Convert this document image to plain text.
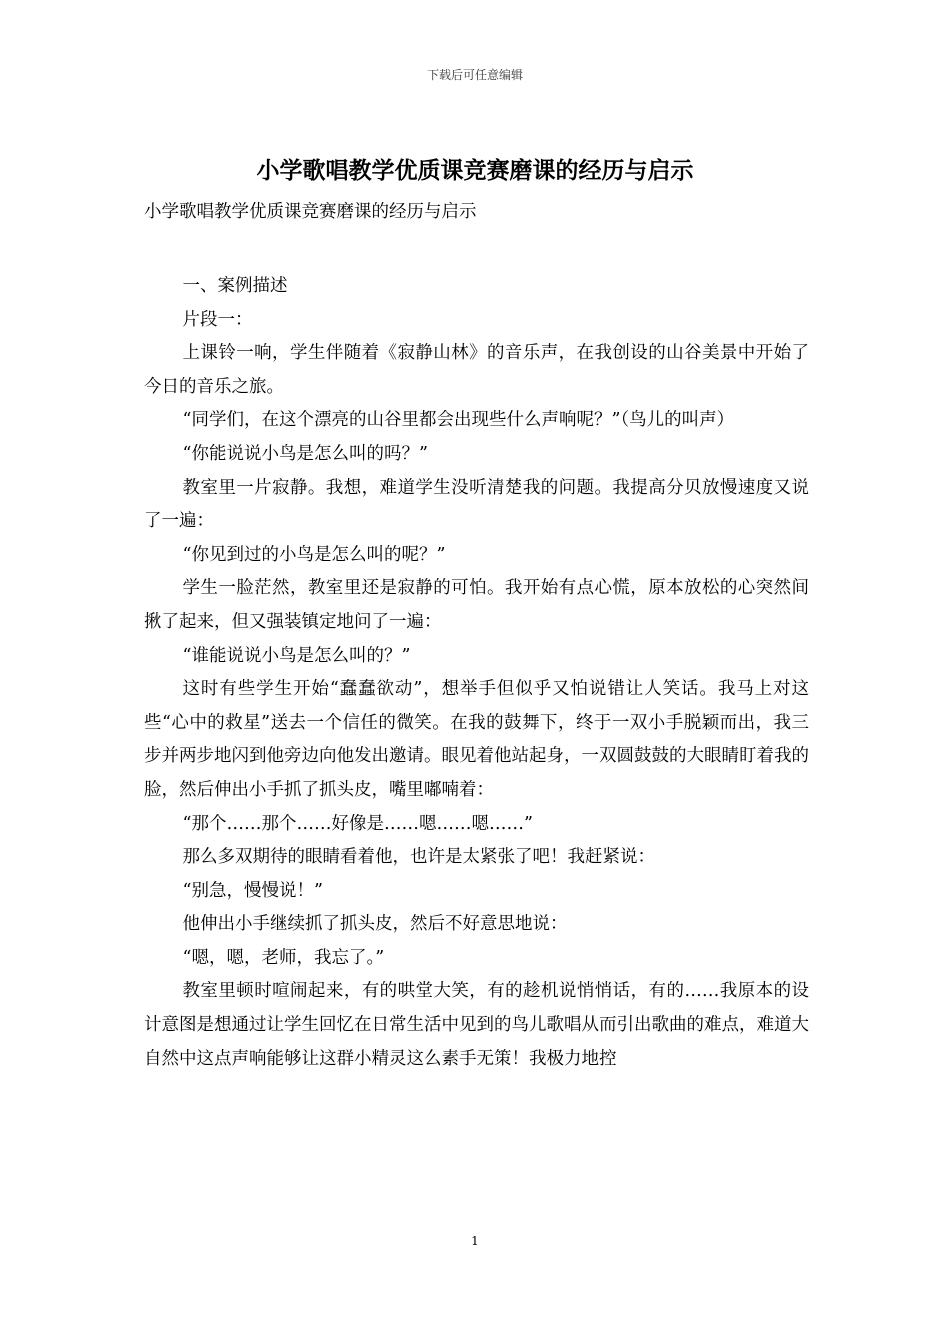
下载后可任意编辑
小学歌唱教学优质课竞赛磨课的经历与启示

小学歌唱教学优质课竞赛磨课的经历与启示

一、案例描述

片段一：

上课铃一响，学生伴随着《寂静山林》的音乐声，在我创设的山谷美景中开始了今日的音乐之旅。

“同学们，在这个漂亮的山谷里都会出现些什么声响呢？”（鸟儿的叫声）

“你能说说小鸟是怎么叫的吗？”

教室里一片寂静。我想，难道学生没听清楚我的问题。我提高分贝放慢速度又说了一遍：

“你见到过的小鸟是怎么叫的呢？”

学生一脸茫然，教室里还是寂静的可怕。我开始有点心慌，原本放松的心突然间揪了起来，但又强装镇定地问了一遍：

“谁能说说小鸟是怎么叫的？”

这时有些学生开始“蠢蠢欲动”，想举手但似乎又怕说错让人笑话。我马上对这些“心中的救星”送去一个信任的微笑。在我的鼓舞下，终于一双小手脱颖而出，我三步并两步地闪到他旁边向他发出邀请。眼见着他站起身，一双圆鼓鼓的大眼睛盯着我的脸，然后伸出小手抓了抓头皮，嘴里嘟喃着：

“那个……那个……好像是……嗯……嗯……”

那么多双期待的眼睛看着他，也许是太紧张了吧！我赶紧说：

“别急，慢慢说！”

他伸出小手继续抓了抓头皮，然后不好意思地说：

“嗯，嗯，老师，我忘了。”

教室里顿时喧闹起来，有的哄堂大笑，有的趁机说悄悄话，有的……我原本的设计意图是想通过让学生回忆在日常生活中见到的鸟儿歌唱从而引出歌曲的难点，难道大自然中这点声响能够让这群小精灵这么素手无策！我极力地控

1
